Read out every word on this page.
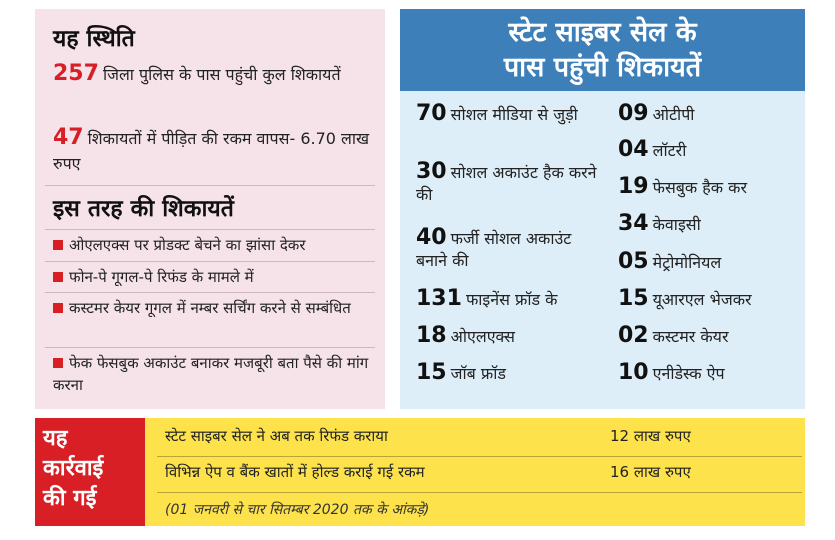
यह स्थिति
257 जिला पुलिस के पास पहुंची कुल शिकायतें
47 शिकायतों में पीड़ित की रकम वापस- 6.70 लाख रुपए
इस तरह की शिकायतें
ओएलएक्स पर प्रोडक्ट बेचने का झांसा देकर
फोन-पे गूगल-पे रिफंड के मामले में
कस्टमर केयर गूगल में नम्बर सर्चिंग करने से सम्बंधित
फेक फेसबुक अकाउंट बनाकर मजबूरी बता पैसे की मांग करना
स्टेट साइबर सेल के
पास पहुंची शिकायतें
70 सोशल मीडिया से जुड़ी
30 सोशल अकाउंट हैक करने की
40 फर्जी सोशल अकाउंट बनाने की
131 फाइनेंस फ्रॉड के
18 ओएलएक्स
15 जॉब फ्रॉड
09 ओटीपी
04 लॉटरी
19 फेसबुक हैक कर
34 केवाइसी
05 मेट्रोमोनियल
15 यूआरएल भेजकर
02 कस्टमर केयर
10 एनीडेस्क ऐप
यह
कार्रवाई
की गई
स्टेट साइबर सेल ने अब तक रिफंड कराया	12 लाख रुपए
विभिन्न ऐप व बैंक खातों में होल्ड कराई गई रकम	16 लाख रुपए
(01 जनवरी से चार सितम्बर 2020 तक के आंकड़े)
